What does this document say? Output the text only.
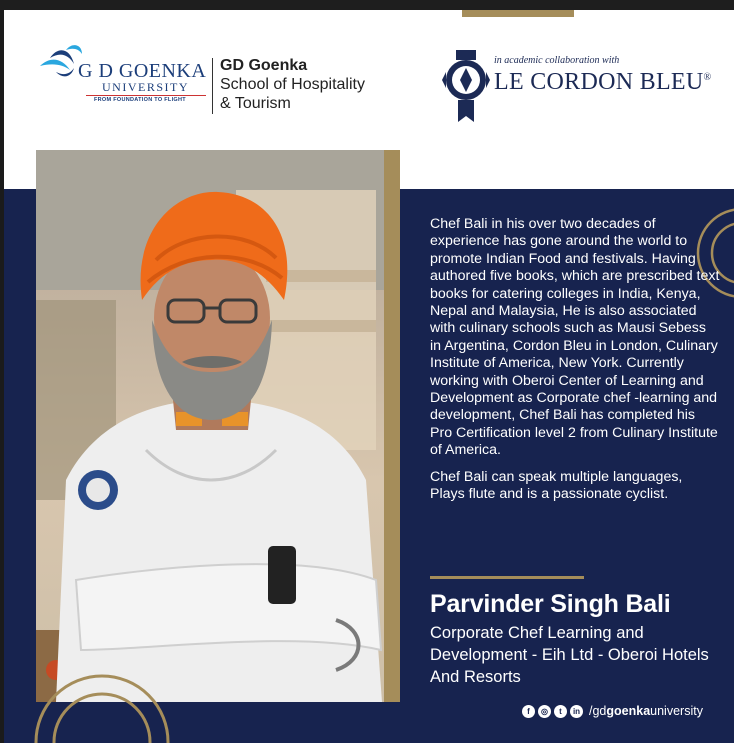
G D GOENKA
UNIVERSITY
FROM FOUNDATION TO FLIGHT
GD Goenka
School of Hospitality
& Tourism
in academic collaboration with
LE CORDON BLEU®

Chef Bali in his over two decades of experience has gone around the world to promote Indian Food and festivals. Having authored five books, which are prescribed text books for catering colleges in India, Kenya, Nepal and Malaysia, He is also associated with culinary schools such as Mausi Sebess in Argentina, Cordon Bleu in London, Culinary Institute of America, New York. Currently working with Oberoi Center of Learning and Development as Corporate chef -learning and development, Chef Bali has completed his Pro Certification level 2 from Culinary Institute of America.

Chef Bali can speak multiple languages, Plays flute and is a passionate cyclist.

Parvinder Singh Bali
Corporate Chef Learning and Development - Eih Ltd - Oberoi Hotels And Resorts
f	◎	t	in /gdgoenkauniversity
